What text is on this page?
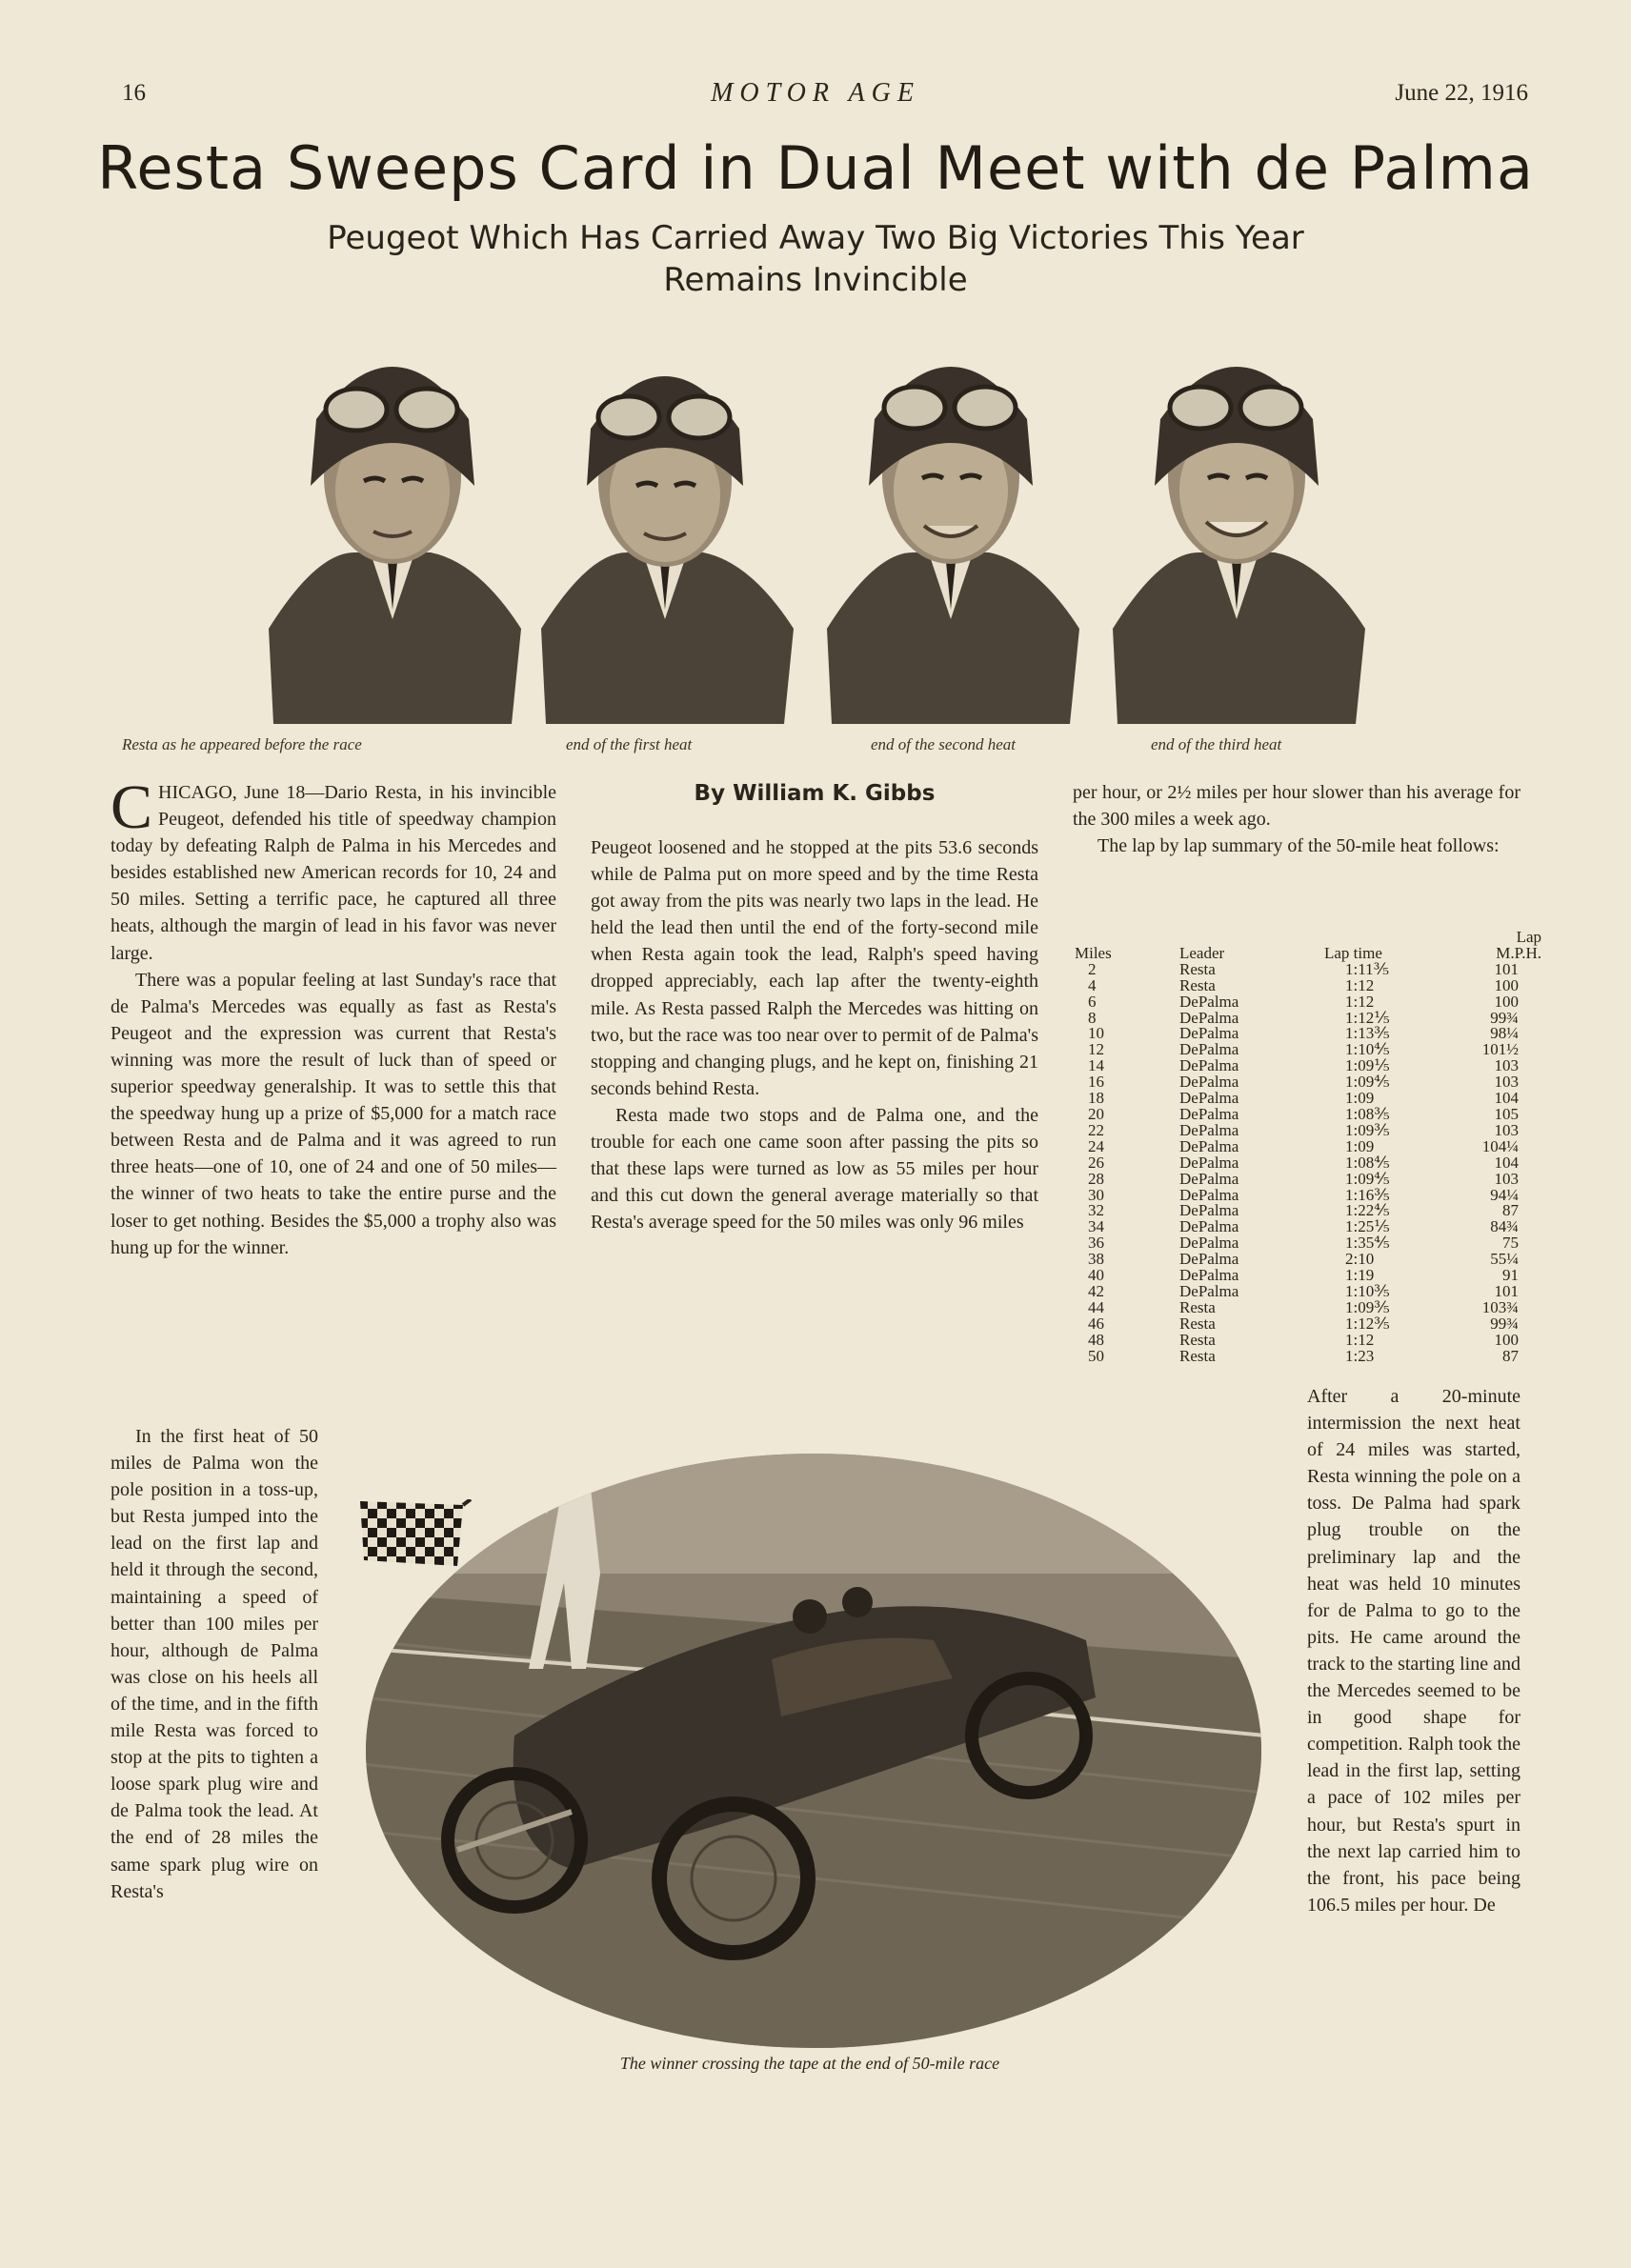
16	MOTOR AGE	June 22, 1916
Resta Sweeps Card in Dual Meet with de Palma
Peugeot Which Has Carried Away Two Big Victories This Year
Remains Invincible
Resta as he appeared before the race	end of the first heat	end of the second heat	end of the third heat

CHICAGO, June 18—Dario Resta, in his invincible Peugeot, defended his title of speedway champion today by defeating Ralph de Palma in his Mercedes and besides established new American records for 10, 24 and 50 miles. Setting a terrific pace, he captured all three heats, although the margin of lead in his favor was never large.

There was a popular feeling at last Sunday's race that de Palma's Mercedes was equally as fast as Resta's Peugeot and the expression was current that Resta's winning was more the result of luck than of speed or superior speedway generalship. It was to settle this that the speedway hung up a prize of $5,000 for a match race between Resta and de Palma and it was agreed to run three heats—one of 10, one of 24 and one of 50 miles—the winner of two heats to take the entire purse and the loser to get nothing. Besides the $5,000 a trophy also was hung up for the winner.

In the first heat of 50 miles de Palma won the pole position in a toss-up, but Resta jumped into the lead on the first lap and held it through the second, maintaining a speed of better than 100 miles per hour, although de Palma was close on his heels all of the time, and in the fifth mile Resta was forced to stop at the pits to tighten a loose spark plug wire and de Palma took the lead. At the end of 28 miles the same spark plug wire on Resta's

By William K. Gibbs

Peugeot loosened and he stopped at the pits 53.6 seconds while de Palma put on more speed and by the time Resta got away from the pits was nearly two laps in the lead. He held the lead then until the end of the forty-second mile when Resta again took the lead, Ralph's speed having dropped appreciably, each lap after the twenty-eighth mile. As Resta passed Ralph the Mercedes was hitting on two, but the race was too near over to permit of de Palma's stopping and changing plugs, and he kept on, finishing 21 seconds behind Resta.

Resta made two stops and de Palma one, and the trouble for each one came soon after passing the pits so that these laps were turned as low as 55 miles per hour and this cut down the general average materially so that Resta's average speed for the 50 miles was only 96 miles

per hour, or 2½ miles per hour slower than his average for the 300 miles a week ago.

The lap by lap summary of the 50-mile heat follows:

Miles	Leader	Lap time	Lap
M.P.H.
2	Resta	1:11⅗	101
4	Resta	1:12	100
6	DePalma	1:12	100
8	DePalma	1:12⅕	99¾
10	DePalma	1:13⅗	98¼
12	DePalma	1:10⅘	101½
14	DePalma	1:09⅕	103
16	DePalma	1:09⅘	103
18	DePalma	1:09	104
20	DePalma	1:08⅗	105
22	DePalma	1:09⅗	103
24	DePalma	1:09	104¼
26	DePalma	1:08⅘	104
28	DePalma	1:09⅘	103
30	DePalma	1:16⅗	94¼
32	DePalma	1:22⅘	87
34	DePalma	1:25⅕	84¾
36	DePalma	1:35⅘	75
38	DePalma	2:10	55¼
40	DePalma	1:19	91
42	DePalma	1:10⅗	101
44	Resta	1:09⅗	103¾
46	Resta	1:12⅗	99¾
48	Resta	1:12	100
50	Resta	1:23	87

After a 20-minute intermission the next heat of 24 miles was started, Resta winning the pole on a toss. De Palma had spark plug trouble on the preliminary lap and the heat was held 10 minutes for de Palma to go to the pits. He came around the track to the starting line and the Mercedes seemed to be in good shape for competition. Ralph took the lead in the first lap, setting a pace of 102 miles per hour, but Resta's spurt in the next lap carried him to the front, his pace being 106.5 miles per hour. De

The winner crossing the tape at the end of 50-mile race
